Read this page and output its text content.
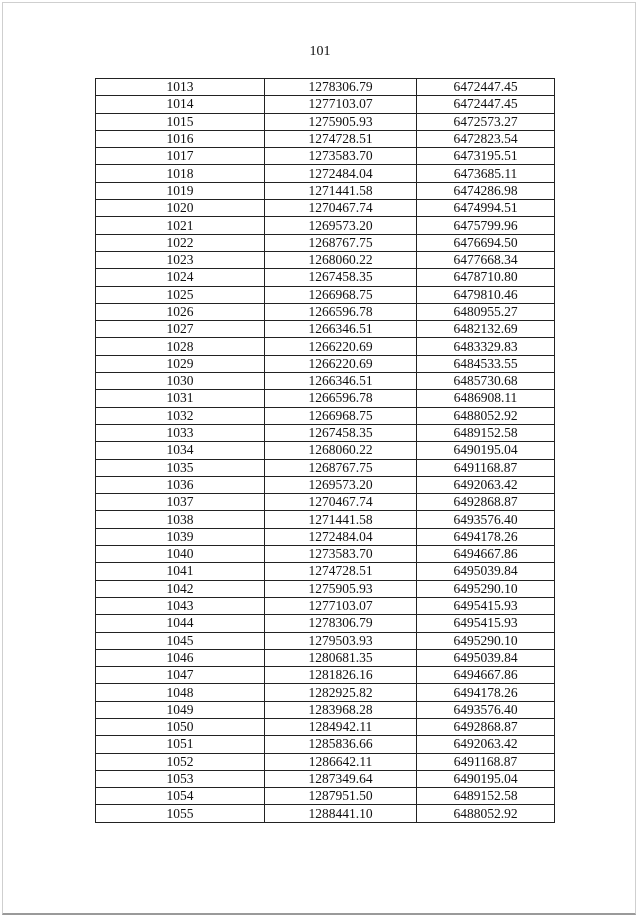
101
1013	1278306.79	6472447.45
1014	1277103.07	6472447.45
1015	1275905.93	6472573.27
1016	1274728.51	6472823.54
1017	1273583.70	6473195.51
1018	1272484.04	6473685.11
1019	1271441.58	6474286.98
1020	1270467.74	6474994.51
1021	1269573.20	6475799.96
1022	1268767.75	6476694.50
1023	1268060.22	6477668.34
1024	1267458.35	6478710.80
1025	1266968.75	6479810.46
1026	1266596.78	6480955.27
1027	1266346.51	6482132.69
1028	1266220.69	6483329.83
1029	1266220.69	6484533.55
1030	1266346.51	6485730.68
1031	1266596.78	6486908.11
1032	1266968.75	6488052.92
1033	1267458.35	6489152.58
1034	1268060.22	6490195.04
1035	1268767.75	6491168.87
1036	1269573.20	6492063.42
1037	1270467.74	6492868.87
1038	1271441.58	6493576.40
1039	1272484.04	6494178.26
1040	1273583.70	6494667.86
1041	1274728.51	6495039.84
1042	1275905.93	6495290.10
1043	1277103.07	6495415.93
1044	1278306.79	6495415.93
1045	1279503.93	6495290.10
1046	1280681.35	6495039.84
1047	1281826.16	6494667.86
1048	1282925.82	6494178.26
1049	1283968.28	6493576.40
1050	1284942.11	6492868.87
1051	1285836.66	6492063.42
1052	1286642.11	6491168.87
1053	1287349.64	6490195.04
1054	1287951.50	6489152.58
1055	1288441.10	6488052.92
